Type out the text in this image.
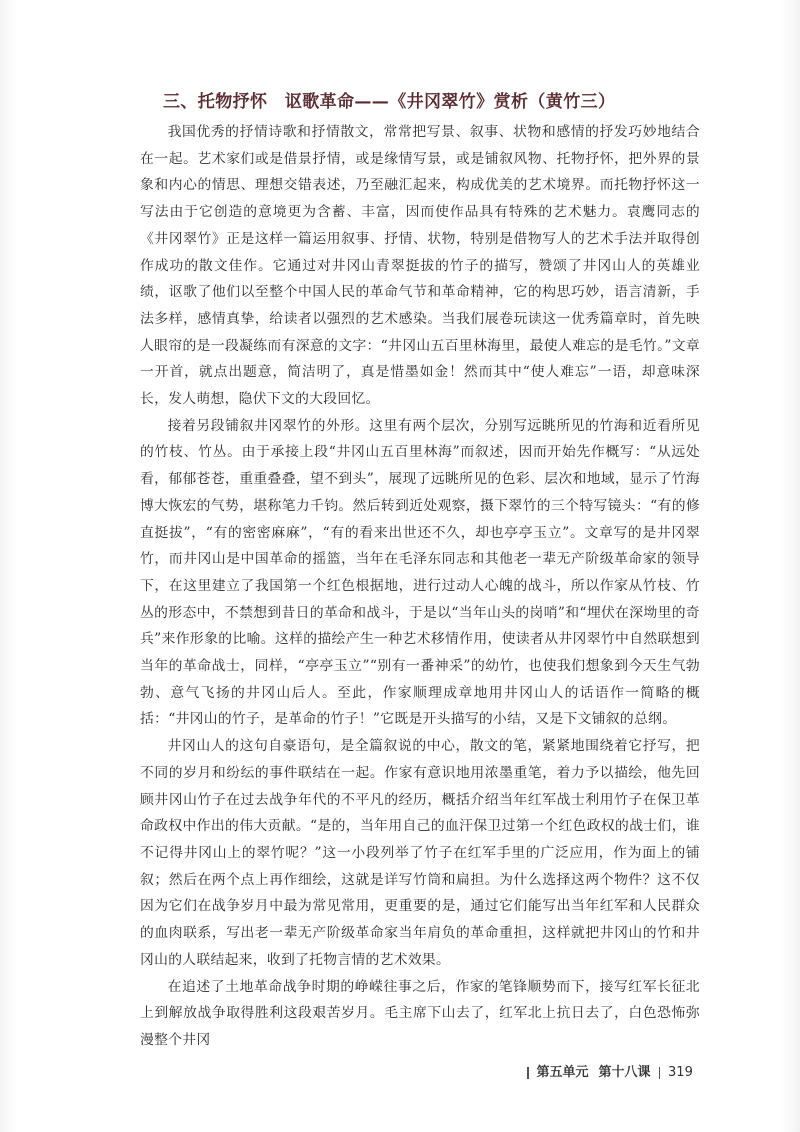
三、托物抒怀　讴歌革命——《井冈翠竹》赏析（黄竹三）

我国优秀的抒情诗歌和抒情散文，常常把写景、叙事、状物和感情的抒发巧妙地结合在一起。艺术家们或是借景抒情，或是缘情写景，或是铺叙风物、托物抒怀，把外界的景象和内心的情思、理想交错表述，乃至融汇起来，构成优美的艺术境界。而托物抒怀这一写法由于它创造的意境更为含蓄、丰富，因而使作品具有特殊的艺术魅力。袁鹰同志的《井冈翠竹》正是这样一篇运用叙事、抒情、状物，特别是借物写人的艺术手法并取得创作成功的散文佳作。它通过对井冈山青翠挺拔的竹子的描写，赞颂了井冈山人的英雄业绩，讴歌了他们以至整个中国人民的革命气节和革命精神，它的构思巧妙，语言清新，手法多样，感情真挚，给读者以强烈的艺术感染。当我们展卷玩读这一优秀篇章时，首先映人眼帘的是一段凝练而有深意的文字：“井冈山五百里林海里，最使人难忘的是毛竹。”文章一开首，就点出题意，简洁明了，真是惜墨如金！然而其中“使人难忘”一语，却意味深长，发人萌想，隐伏下文的大段回忆。

接着另段铺叙井冈翠竹的外形。这里有两个层次，分别写远眺所见的竹海和近看所见的竹枝、竹丛。由于承接上段“井冈山五百里林海”而叙述，因而开始先作概写：“从远处看，郁郁苍苍，重重叠叠，望不到头”，展现了远眺所见的色彩、层次和地域，显示了竹海博大恢宏的气势，堪称笔力千钧。然后转到近处观察，摄下翠竹的三个特写镜头：“有的修直挺拔”，“有的密密麻麻”，“有的看来出世还不久，却也亭亭玉立”。文章写的是井冈翠竹，而井冈山是中国革命的摇篮，当年在毛泽东同志和其他老一辈无产阶级革命家的领导下，在这里建立了我国第一个红色根据地，进行过动人心魄的战斗，所以作家从竹枝、竹丛的形态中，不禁想到昔日的革命和战斗，于是以“当年山头的岗哨”和“埋伏在深坳里的奇兵”来作形象的比喻。这样的描绘产生一种艺术移情作用，使读者从井冈翠竹中自然联想到当年的革命战士，同样，“亭亭玉立”“别有一番神采”的幼竹，也使我们想象到今天生气勃勃、意气飞扬的井冈山后人。至此，作家顺理成章地用井冈山人的话语作一简略的概括：“井冈山的竹子，是革命的竹子！”它既是开头描写的小结，又是下文铺叙的总纲。

井冈山人的这句自豪语句，是全篇叙说的中心，散文的笔，紧紧地围绕着它抒写，把不同的岁月和纷纭的事件联结在一起。作家有意识地用浓墨重笔，着力予以描绘，他先回顾井冈山竹子在过去战争年代的不平凡的经历，概括介绍当年红军战士利用竹子在保卫革命政权中作出的伟大贡献。“是的，当年用自己的血汗保卫过第一个红色政权的战士们，谁不记得井冈山上的翠竹呢？”这一小段列举了竹子在红军手里的广泛应用，作为面上的铺叙；然后在两个点上再作细绘，这就是详写竹筒和扁担。为什么选择这两个物件？这不仅因为它们在战争岁月中最为常见常用，更重要的是，通过它们能写出当年红军和人民群众的血肉联系，写出老一辈无产阶级革命家当年肩负的革命重担，这样就把井冈山的竹和井冈山的人联结起来，收到了托物言情的艺术效果。

在追述了土地革命战争时期的峥嵘往事之后，作家的笔锋顺势而下，接写红军长征北上到解放战争取得胜利这段艰苦岁月。毛主席下山去了，红军北上抗日去了，白色恐怖弥漫整个井冈

第五单元 第十八课 319
